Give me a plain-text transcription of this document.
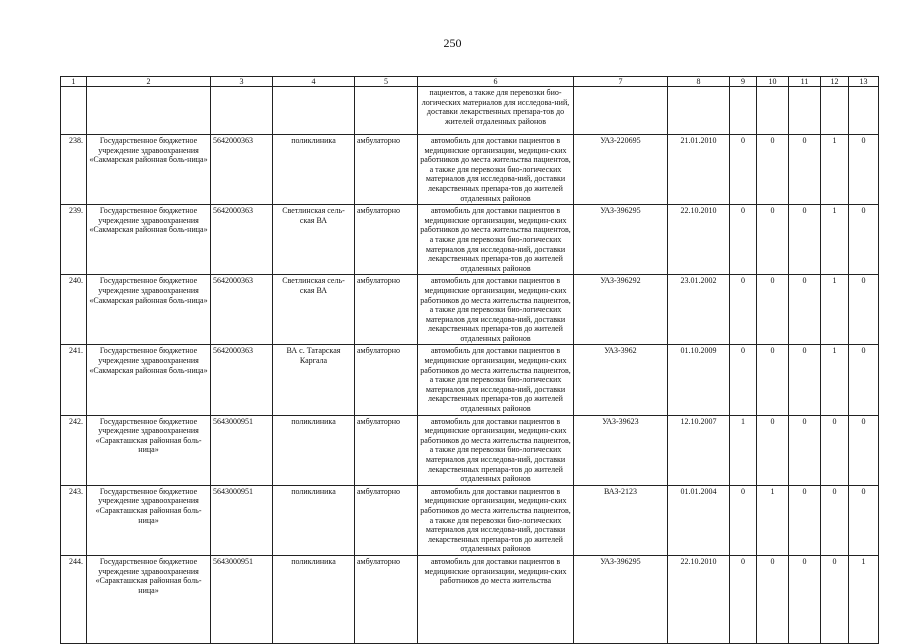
250
1	2	3	4	5	6	7	8	9	10	11	12	13
					пациентов, а также для перевозки био-логических материалов для исследова-ний, доставки лекарственных препара-тов до жителей отдаленных районов							
238.	Государственное бюджетное учреждение здравоохранения «Сакмарская районная боль-ница»	5642000363	поликлиника	амбулаторно	автомобиль для доставки пациентов в медицинские организации, медицин-ских работников до места жительства пациентов, а также для перевозки био-логических материалов для исследова-ний, доставки лекарственных препара-тов до жителей отдаленных районов	УАЗ-220695	21.01.2010	0	0	0	1	0
239.	Государственное бюджетное учреждение здравоохранения «Сакмарская районная боль-ница»	5642000363	Светлинская сель-ская ВА	амбулаторно	автомобиль для доставки пациентов в медицинские организации, медицин-ских работников до места жительства пациентов, а также для перевозки био-логических материалов для исследова-ний, доставки лекарственных препара-тов до жителей отдаленных районов	УАЗ-396295	22.10.2010	0	0	0	1	0
240.	Государственное бюджетное учреждение здравоохранения «Сакмарская районная боль-ница»	5642000363	Светлинская сель-ская ВА	амбулаторно	автомобиль для доставки пациентов в медицинские организации, медицин-ских работников до места жительства пациентов, а также для перевозки био-логических материалов для исследова-ний, доставки лекарственных препара-тов до жителей отдаленных районов	УАЗ-396292	23.01.2002	0	0	0	1	0
241.	Государственное бюджетное учреждение здравоохранения «Сакмарская районная боль-ница»	5642000363	ВА с. Татарская Каргала	амбулаторно	автомобиль для доставки пациентов в медицинские организации, медицин-ских работников до места жительства пациентов, а также для перевозки био-логических материалов для исследова-ний, доставки лекарственных препара-тов до жителей отдаленных районов	УАЗ-3962	01.10.2009	0	0	0	1	0
242.	Государственное бюджетное учреждение здравоохранения «Саракташская районная боль-ница»	5643000951	поликлиника	амбулаторно	автомобиль для доставки пациентов в медицинские организации, медицин-ских работников до места жительства пациентов, а также для перевозки био-логических материалов для исследова-ний, доставки лекарственных препара-тов до жителей отдаленных районов	УАЗ-39623	12.10.2007	1	0	0	0	0
243.	Государственное бюджетное учреждение здравоохранения «Саракташская районная боль-ница»	5643000951	поликлиника	амбулаторно	автомобиль для доставки пациентов в медицинские организации, медицин-ских работников до места жительства пациентов, а также для перевозки био-логических материалов для исследова-ний, доставки лекарственных препара-тов до жителей отдаленных районов	ВАЗ-2123	01.01.2004	0	1	0	0	0
244.	Государственное бюджетное учреждение здравоохранения «Саракташская районная боль-ница»	5643000951	поликлиника	амбулаторно	автомобиль для доставки пациентов в медицинские организации, медицин-ских работников до места жительства	УАЗ-396295	22.10.2010	0	0	0	0	1
